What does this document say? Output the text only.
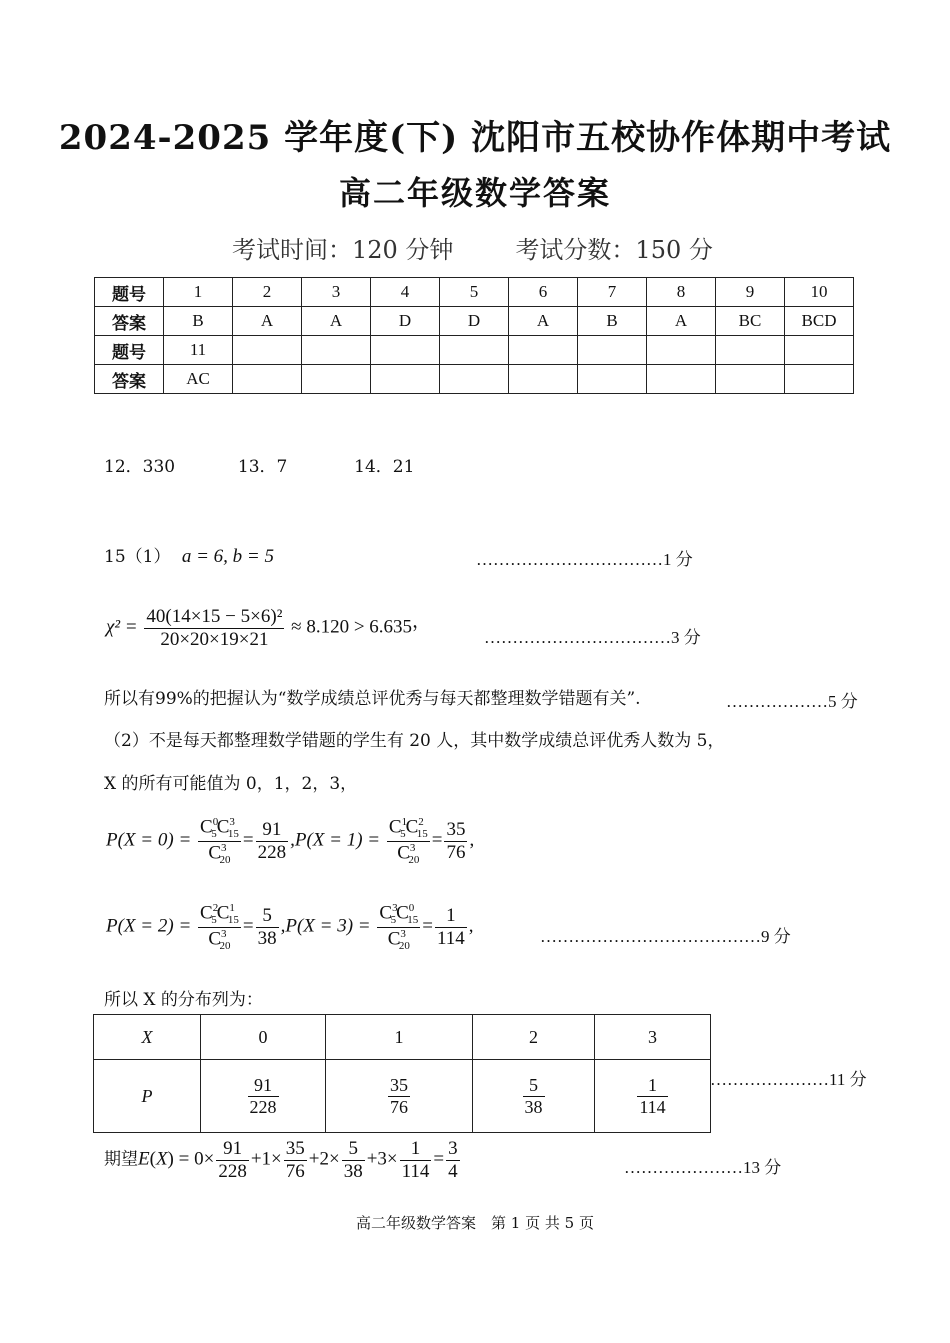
2024-2025 学年度(下) 沈阳市五校协作体期中考试
高二年级数学答案
考试时间：120 分钟	考试分数：150 分
题号	1	2	3	4	5	6	7	8	9	10
答案	B	A	A	D	D	A	B	A	BC	BCD
题号	11									
答案	AC									
12．330	13．7	14．21
15（1） a = 6, b = 5	……………………………1 分
$\chi^2 = \frac{\text{40(14×15 − 5×6)²}}{20\times 20\times 19\times 21} \approx 8.120 > 6.635$，
……………………………3 分
所以有99%的把握认为“数学成绩总评优秀与每天都整理数学错题有关”.	………………5 分
（2）不是每天都整理数学错题的学生有 20 人，其中数学成绩总评优秀人数为 5，
X 的所有可能值为 0，1，2，3，
$P(X = 0) = \frac{C^0_5C^3_{15}}{C^3_{20}} = \frac{91}{228} ,P(X = 1) = \frac{C^1_5C^2_{15}}{C^3_{20}} = \frac{35}{76}$ ,
$P(X = 2) = \frac{C^2_5C^1_{15}}{C^3_{20}} = \frac{5}{38} ,P(X = 3) = \frac{C^3_5C^0_{15}}{C^3_{20}} = \frac{1}{114}$ ,	…………………………………9 分
所以 X 的分布列为：
X	0	1	2	3
P	$\frac{91}{228}$	$\frac{35}{76}$	$\frac{5}{38}$	$\frac{1}{114}$ …………………11 分
期望$E(X) = 0\times \frac{91}{228} +1\times \frac{35}{76} +2\times \frac{5}{38} +3\times \frac{1}{114} = \frac{3}{4}$	…………………13 分
高二年级数学答案　第 1 页 共 5 页
